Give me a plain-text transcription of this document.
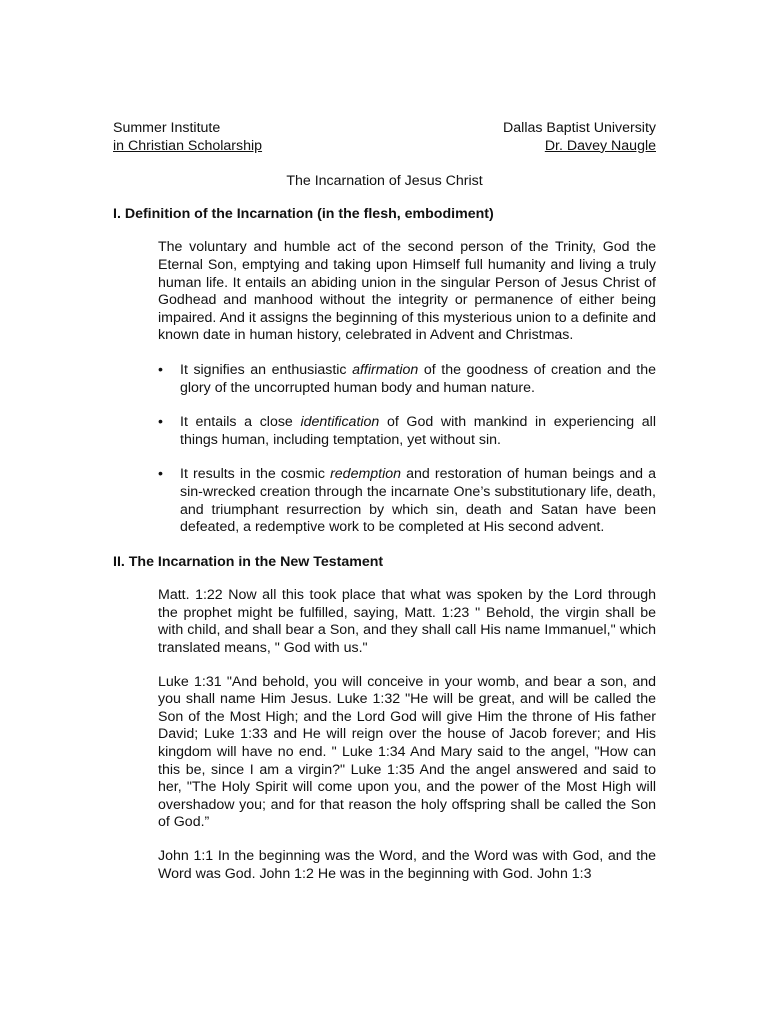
Summer Institute
in Christian Scholarship
Dallas Baptist University
Dr. Davey Naugle
The Incarnation of Jesus Christ
I. Definition of the Incarnation (in the flesh, embodiment)
The voluntary and humble act of the second person of the Trinity, God the Eternal Son, emptying and taking upon Himself full humanity and living a truly human life. It entails an abiding union in the singular Person of Jesus Christ of Godhead and manhood without the integrity or permanence of either being impaired. And it assigns the beginning of this mysterious union to a definite and known date in human history, celebrated in Advent and Christmas.
•	It signifies an enthusiastic affirmation of the goodness of creation and the glory of the uncorrupted human body and human nature.
•	It entails a close identification of God with mankind in experiencing all things human, including temptation, yet without sin.
•	It results in the cosmic redemption and restoration of human beings and a sin-wrecked creation through the incarnate One’s substitutionary life, death, and triumphant resurrection by which sin, death and Satan have been defeated, a redemptive work to be completed at His second advent.
II. The Incarnation in the New Testament
Matt. 1:22 Now all this took place that what was spoken by the Lord through the prophet might be fulfilled, saying, Matt. 1:23 " Behold, the virgin shall be with child, and shall bear a Son, and they shall call His name Immanuel," which translated means, " God with us."
Luke 1:31 "And behold, you will conceive in your womb, and bear a son, and you shall name Him Jesus. Luke 1:32 "He will be great, and will be called the Son of the Most High; and the Lord God will give Him the throne of His father David; Luke 1:33 and He will reign over the house of Jacob forever; and His kingdom will have no end. " Luke 1:34 And Mary said to the angel, "How can this be, since I am a virgin?" Luke 1:35 And the angel answered and said to her, "The Holy Spirit will come upon you, and the power of the Most High will overshadow you; and for that reason the holy offspring shall be called the Son of God.”
John 1:1 In the beginning was the Word, and the Word was with God, and the Word was God. John 1:2 He was in the beginning with God. John 1:3
